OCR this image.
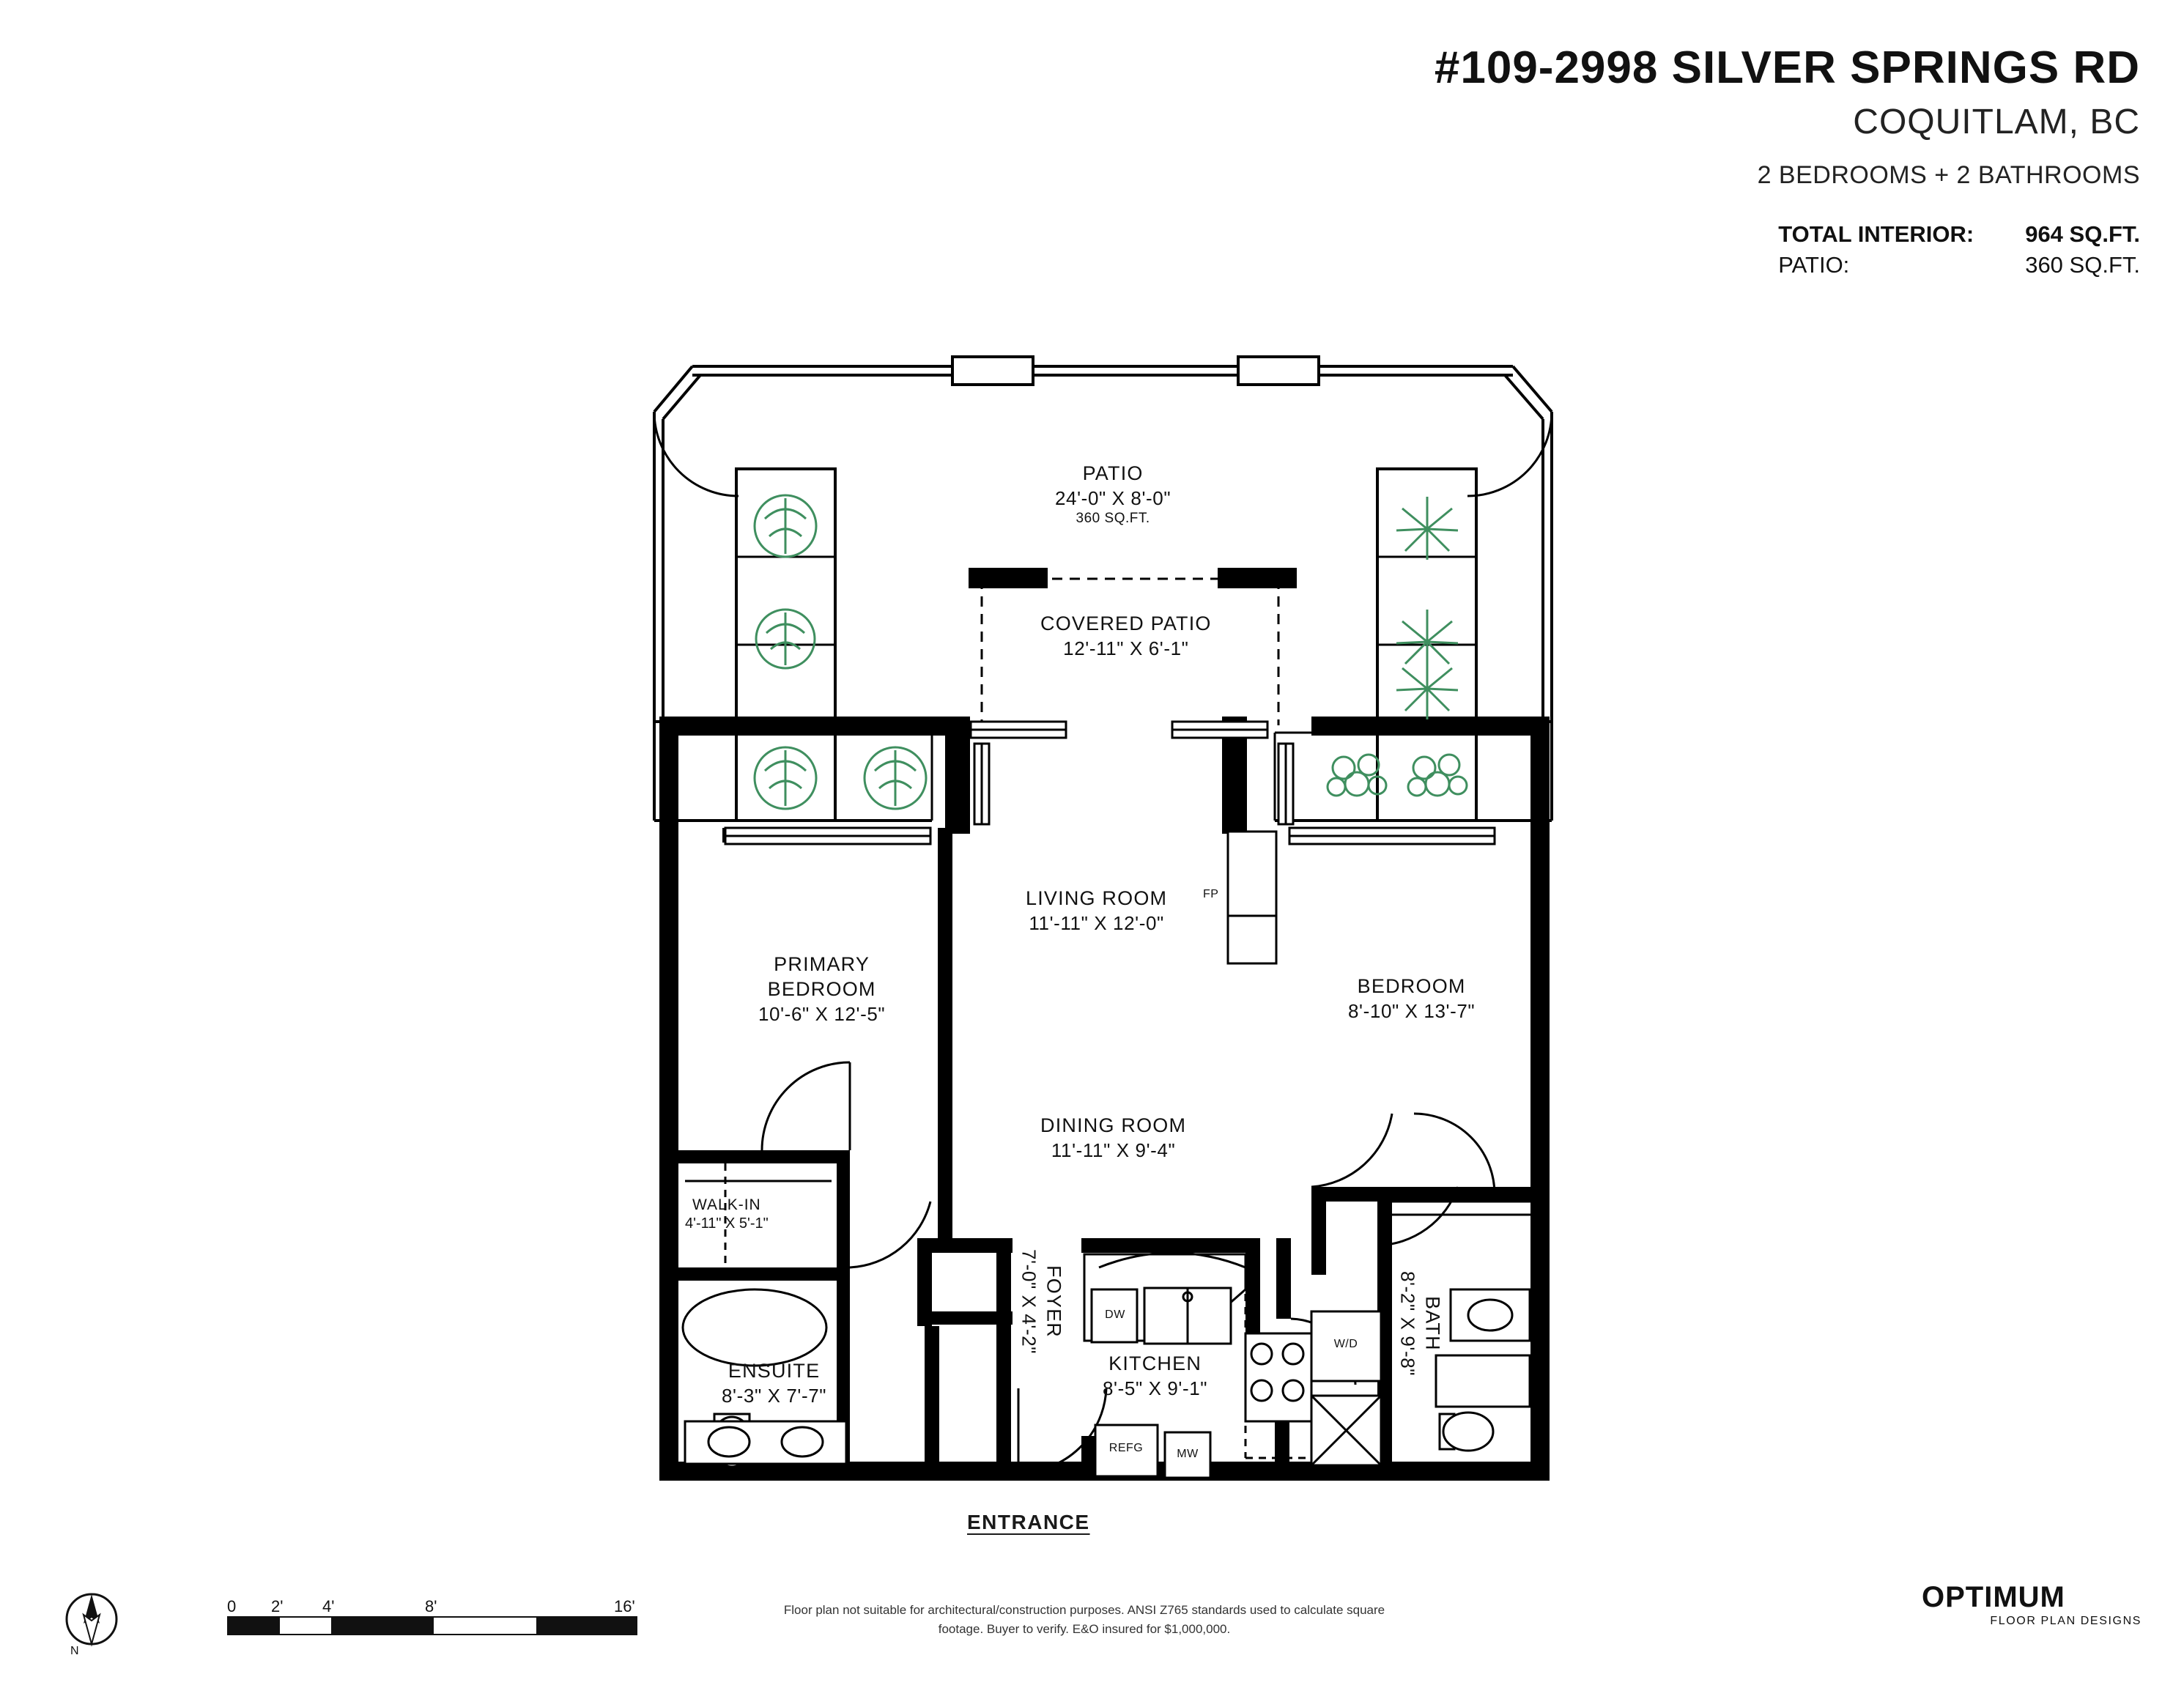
#109-2998 SILVER SPRINGS RD
COQUITLAM, BC
2 BEDROOMS + 2 BATHROOMS
TOTAL INTERIOR:	964 SQ.FT.
PATIO:	360 SQ.FT.
PATIO
24'-0" X 8'-0"
360 SQ.FT.
COVERED PATIO
12'-11" X 6'-1"
LIVING ROOM
11'-11" X 12'-0"
PRIMARY
BEDROOM
10'-6" X 12'-5"
BEDROOM
8'-10" X 13'-7"
DINING ROOM
11'-11" X 9'-4"
WALK-IN
4'-11" X 5'-1"
ENSUITE
8'-3" X 7'-7"
FOYER
7'-0" X 4'-2"
KITCHEN
8'-5" X 9'-1"
BATH
8'-2" X 9'-8"
FP
DW
W/D
REFG	MW
ENTRANCE
Floor plan not suitable for architectural/construction purposes. ANSI Z765 standards used to calculate square footage. Buyer to verify. E&O insured for $1,000,000.
0 2' 4'	8'	16'
N
OPTIMUM
FLOOR PLAN DESIGNS
